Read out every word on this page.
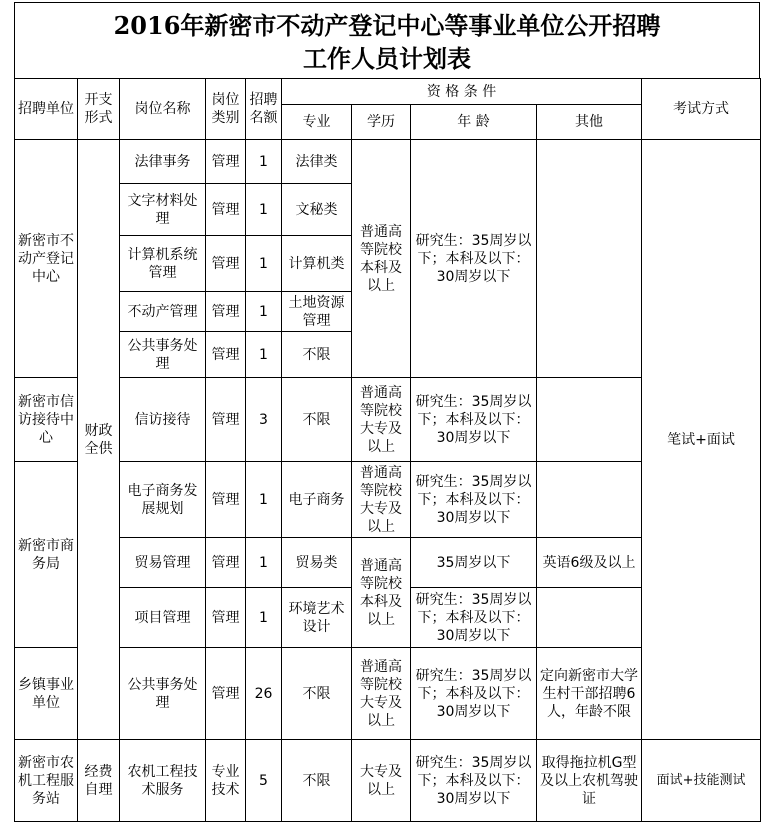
2016年新密市不动产登记中心等事业单位公开招聘
工作人员计划表
招聘单位	开支形式	岗位名称	岗位类别	招聘名额	资 格 条 件				考试方式
					专业	学历	年 龄	其他	
新密市不动产登记中心	财政全供	法律事务	管理	1	法律类	普通高等院校本科及以上	研究生：35周岁以下；本科及以下：30周岁以下		笔试+面试
		文字材料处理	管理	1	文秘类				
		计算机系统管理	管理	1	计算机类				
		不动产管理	管理	1	土地资源管理				
		公共事务处理	管理	1	不限				
新密市信访接待中心		信访接待	管理	3	不限	普通高等院校大专及以上	研究生：35周岁以下；本科及以下：30周岁以下		
新密市商务局		电子商务发展规划	管理	1	电子商务	普通高等院校大专及以上	研究生：35周岁以下；本科及以下：30周岁以下		
		贸易管理	管理	1	贸易类	普通高等院校本科及以上	35周岁以下	英语6级及以上	
		项目管理	管理	1	环境艺术设计		研究生：35周岁以下；本科及以下：30周岁以下		
乡镇事业单位		公共事务处理	管理	26	不限	普通高等院校大专及以上	研究生：35周岁以下；本科及以下：30周岁以下	定向新密市大学生村干部招聘6人，年龄不限	
新密市农机工程服务站	经费自理	农机工程技术服务	专业技术	5	不限	大专及以上	研究生：35周岁以下；本科及以下：30周岁以下	取得拖拉机G型及以上农机驾驶证	面试+技能测试
